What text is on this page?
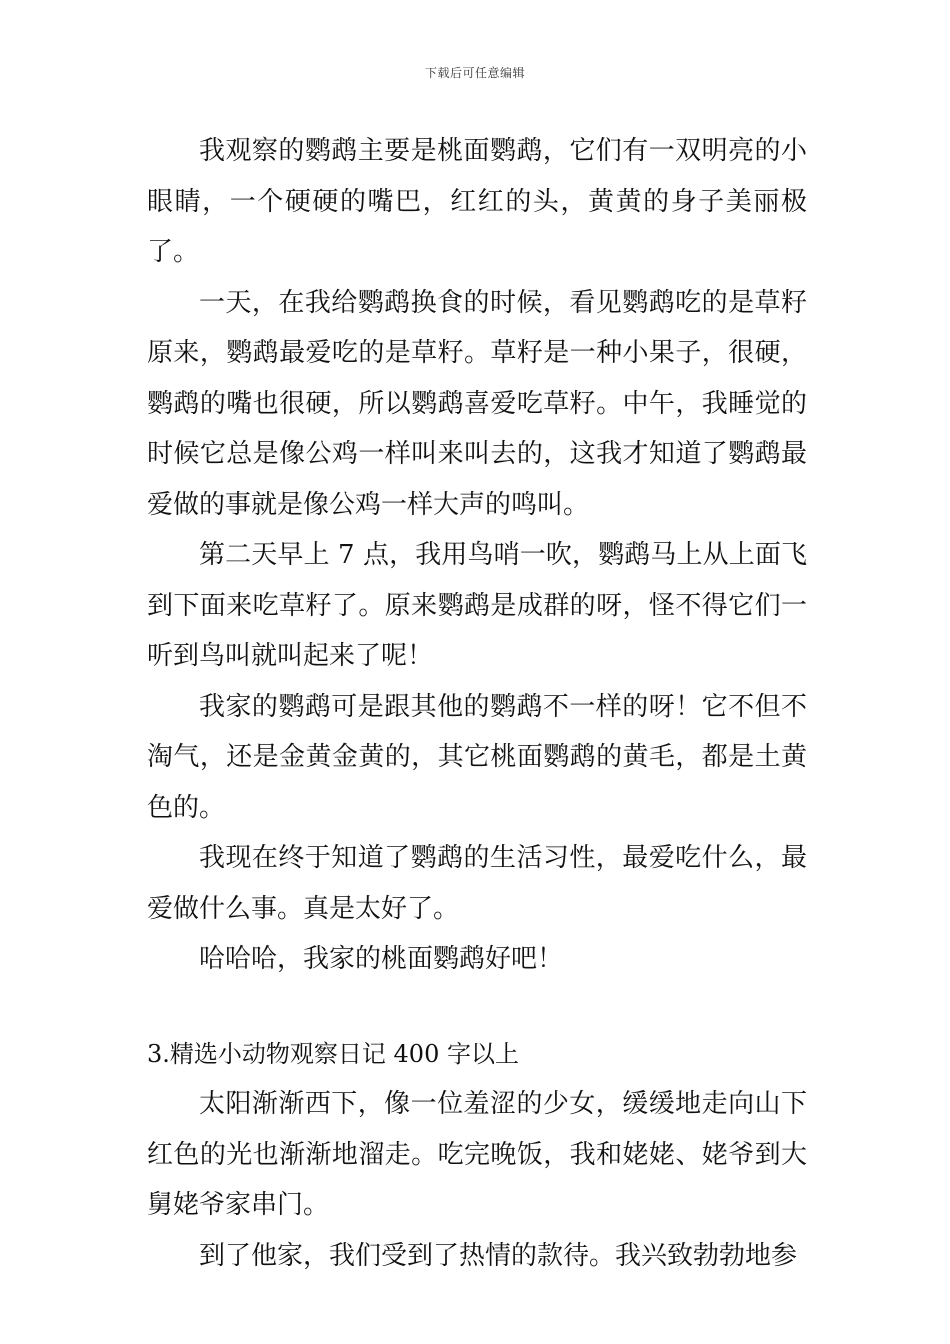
下载后可任意编辑

我观察的鹦鹉主要是桃面鹦鹉，它们有一双明亮的小眼睛，一个硬硬的嘴巴，红红的头，黄黄的身子美丽极了。

一天，在我给鹦鹉换食的时候，看见鹦鹉吃的是草籽原来，鹦鹉最爱吃的是草籽。草籽是一种小果子，很硬，鹦鹉的嘴也很硬，所以鹦鹉喜爱吃草籽。中午，我睡觉的时候它总是像公鸡一样叫来叫去的，这我才知道了鹦鹉最爱做的事就是像公鸡一样大声的鸣叫。

第二天早上 7 点，我用鸟哨一吹，鹦鹉马上从上面飞到下面来吃草籽了。原来鹦鹉是成群的呀，怪不得它们一听到鸟叫就叫起来了呢！

我家的鹦鹉可是跟其他的鹦鹉不一样的呀！它不但不淘气，还是金黄金黄的，其它桃面鹦鹉的黄毛，都是土黄色的。

我现在终于知道了鹦鹉的生活习性，最爱吃什么，最爱做什么事。真是太好了。

哈哈哈，我家的桃面鹦鹉好吧！

3.精选小动物观察日记 400 字以上

太阳渐渐西下，像一位羞涩的少女，缓缓地走向山下红色的光也渐渐地溜走。吃完晚饭，我和姥姥、姥爷到大舅姥爷家串门。

到了他家，我们受到了热情的款待。我兴致勃勃地参
